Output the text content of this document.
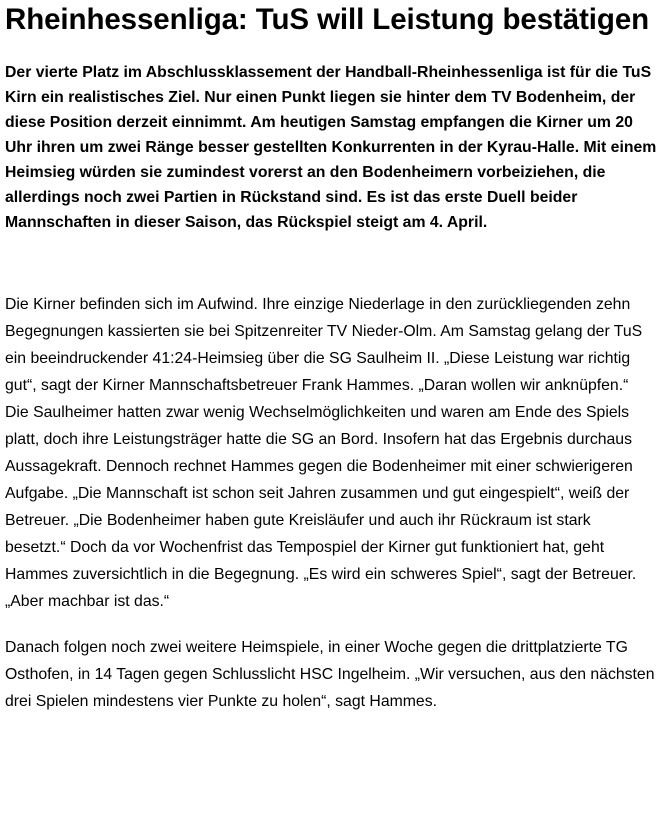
Rheinhessenliga: TuS will Leistung bestätigen

Der vierte Platz im Abschlussklassement der Handball-Rheinhessenliga ist für die TuS Kirn ein realistisches Ziel. Nur einen Punkt liegen sie hinter dem TV Bodenheim, der diese Position derzeit einnimmt. Am heutigen Samstag empfangen die Kirner um 20 Uhr ihren um zwei Ränge besser gestellten Konkurrenten in der Kyrau-Halle. Mit einem Heimsieg würden sie zumindest vorerst an den Bodenheimern vorbeiziehen, die allerdings noch zwei Partien in Rückstand sind. Es ist das erste Duell beider Mannschaften in dieser Saison, das Rückspiel steigt am 4. April.

Die Kirner befinden sich im Aufwind. Ihre einzige Niederlage in den zurückliegenden zehn Begegnungen kassierten sie bei Spitzenreiter TV Nieder-Olm. Am Samstag gelang der TuS ein beeindruckender 41:24-Heimsieg über die SG Saulheim II. „Diese Leistung war richtig gut“, sagt der Kirner Mannschaftsbetreuer Frank Hammes. „Daran wollen wir anknüpfen.“ Die Saulheimer hatten zwar wenig Wechselmöglichkeiten und waren am Ende des Spiels platt, doch ihre Leistungsträger hatte die SG an Bord. Insofern hat das Ergebnis durchaus Aussagekraft. Dennoch rechnet Hammes gegen die Bodenheimer mit einer schwierigeren Aufgabe. „Die Mannschaft ist schon seit Jahren zusammen und gut eingespielt“, weiß der Betreuer. „Die Bodenheimer haben gute Kreisläufer und auch ihr Rückraum ist stark besetzt.“ Doch da vor Wochenfrist das Tempospiel der Kirner gut funktioniert hat, geht Hammes zuversichtlich in die Begegnung. „Es wird ein schweres Spiel“, sagt der Betreuer. „Aber machbar ist das.“

Danach folgen noch zwei weitere Heimspiele, in einer Woche gegen die drittplatzierte TG Osthofen, in 14 Tagen gegen Schlusslicht HSC Ingelheim. „Wir versuchen, aus den nächsten drei Spielen mindestens vier Punkte zu holen“, sagt Hammes.
